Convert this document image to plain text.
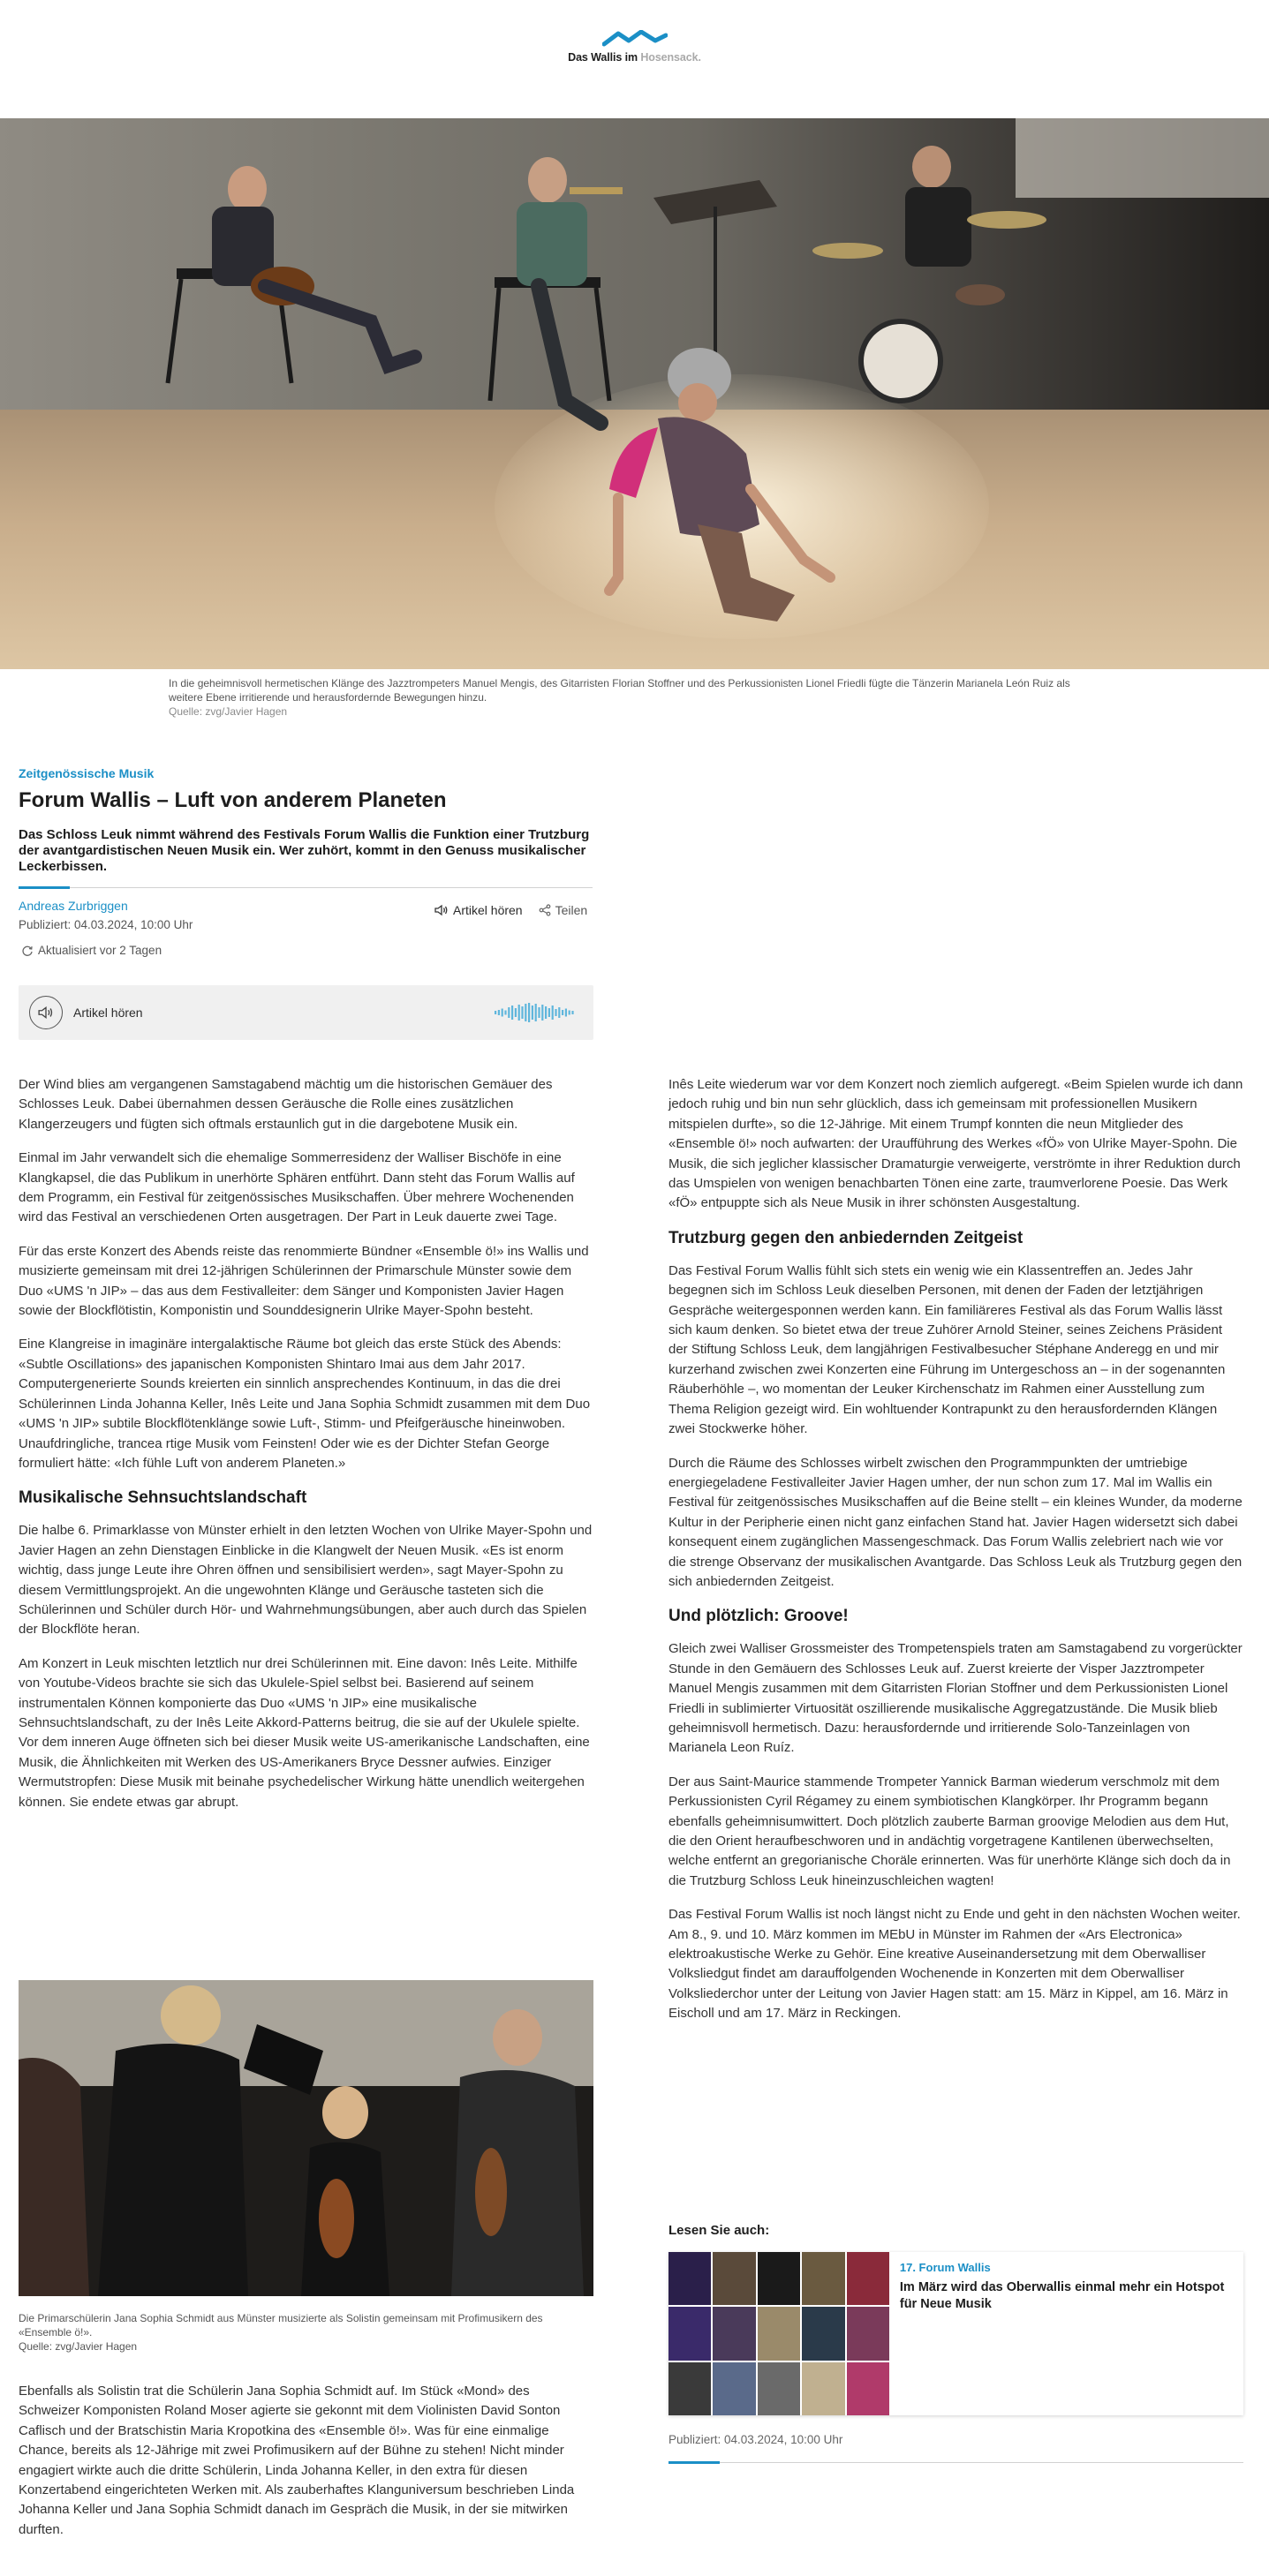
Das Wallis im Hosensack.
In die geheimnisvoll hermetischen Klänge des Jazztrompeters Manuel Mengis, des Gitarristen Florian Stoffner und des Perkussionisten Lionel Friedli fügte die Tänzerin Marianela León Ruiz als weitere Ebene irritierende und herausfordernde Bewegungen hinzu.
Quelle: zvg/Javier Hagen
Zeitgenössische Musik
Forum Wallis – Luft von anderem Planeten
Das Schloss Leuk nimmt während des Festivals Forum Wallis die Funktion einer Trutzburg der avantgardistischen Neuen Musik ein. Wer zuhört, kommt in den Genuss musikalischer Leckerbissen.
Andreas Zurbriggen
Publiziert: 04.03.2024, 10:00 Uhr
Aktualisiert vor 2 Tagen
Artikel hören	Teilen
Artikel hören

Der Wind blies am vergangenen Samstagabend mächtig um die historischen Gemäuer des Schlosses Leuk. Dabei übernahmen dessen Geräusche die Rolle eines zusätzlichen Klangerzeugers und fügten sich oftmals erstaunlich gut in die dargebotene Musik ein.

Einmal im Jahr verwandelt sich die ehemalige Sommerresidenz der Walliser Bischöfe in eine Klangkapsel, die das Publikum in unerhörte Sphären entführt. Dann steht das Forum Wallis auf dem Programm, ein Festival für zeitgenössisches Musikschaffen. Über mehrere Wochenenden wird das Festival an verschiedenen Orten ausgetragen. Der Part in Leuk dauerte zwei Tage.

Für das erste Konzert des Abends reiste das renommierte Bündner «Ensemble ö!» ins Wallis und musizierte gemeinsam mit drei 12-jährigen Schülerinnen der Primarschule Münster sowie dem Duo «UMS 'n JIP» – das aus dem Festivalleiter: dem Sänger und Komponisten Javier Hagen sowie der Blockflötistin, Komponistin und Sounddesignerin Ulrike Mayer-Spohn besteht.

Eine Klangreise in imaginäre intergalaktische Räume bot gleich das erste Stück des Abends: «Subtle Oscillations» des japanischen Komponisten Shintaro Imai aus dem Jahr 2017. Computergenerierte Sounds kreierten ein sinnlich ansprechendes Kontinuum, in das die drei Schülerinnen Linda Johanna Keller, Inês Leite und Jana Sophia Schmidt zusammen mit dem Duo «UMS 'n JIP» subtile Blockflötenklänge sowie Luft-, Stimm- und Pfeifgeräusche hineinwoben. Unaufdringliche, trancea rtige Musik vom Feinsten! Oder wie es der Dichter Stefan George formuliert hätte: «Ich fühle Luft von anderem Planeten.»

Musikalische Sehnsuchtslandschaft

Die halbe 6. Primarklasse von Münster erhielt in den letzten Wochen von Ulrike Mayer-Spohn und Javier Hagen an zehn Dienstagen Einblicke in die Klangwelt der Neuen Musik. «Es ist enorm wichtig, dass junge Leute ihre Ohren öffnen und sensibilisiert werden», sagt Mayer-Spohn zu diesem Vermittlungsprojekt. An die ungewohnten Klänge und Geräusche tasteten sich die Schülerinnen und Schüler durch Hör- und Wahrnehmungsübungen, aber auch durch das Spielen der Blockflöte heran.

Am Konzert in Leuk mischten letztlich nur drei Schülerinnen mit. Eine davon: Inês Leite. Mithilfe von Youtube-Videos brachte sie sich das Ukulele-Spiel selbst bei. Basierend auf seinem instrumentalen Können komponierte das Duo «UMS 'n JIP» eine musikalische Sehnsuchtslandschaft, zu der Inês Leite Akkord-Patterns beitrug, die sie auf der Ukulele spielte. Vor dem inneren Auge öffneten sich bei dieser Musik weite US-amerikanische Landschaften, eine Musik, die Ähnlichkeiten mit Werken des US-Amerikaners Bryce Dessner aufwies. Einziger Wermutstropfen: Diese Musik mit beinahe psychedelischer Wirkung hätte unendlich weitergehen können. Sie endete etwas gar abrupt.

Die Primarschülerin Jana Sophia Schmidt aus Münster musizierte als Solistin gemeinsam mit Profimusikern des «Ensemble ö!».
Quelle: zvg/Javier Hagen

Ebenfalls als Solistin trat die Schülerin Jana Sophia Schmidt auf. Im Stück «Mond» des Schweizer Komponisten Roland Moser agierte sie gekonnt mit dem Violinisten David Sonton Caflisch und der Bratschistin Maria Kropotkina des «Ensemble ö!». Was für eine einmalige Chance, bereits als 12-Jährige mit zwei Profimusikern auf der Bühne zu stehen! Nicht minder engagiert wirkte auch die dritte Schülerin, Linda Johanna Keller, in den extra für diesen Konzertabend eingerichteten Werken mit. Als zauberhaftes Klanguniversum beschrieben Linda Johanna Keller und Jana Sophia Schmidt danach im Gespräch die Musik, in der sie mitwirken durften.

Inês Leite wiederum war vor dem Konzert noch ziemlich aufgeregt. «Beim Spielen wurde ich dann jedoch ruhig und bin nun sehr glücklich, dass ich gemeinsam mit professionellen Musikern mitspielen durfte», so die 12-Jährige. Mit einem Trumpf konnten die neun Mitglieder des «Ensemble ö!» noch aufwarten: der Uraufführung des Werkes «fÖ» von Ulrike Mayer-Spohn. Die Musik, die sich jeglicher klassischer Dramaturgie verweigerte, verströmte in ihrer Reduktion durch das Umspielen von wenigen benachbarten Tönen eine zarte, traumverlorene Poesie. Das Werk «fÖ» entpuppte sich als Neue Musik in ihrer schönsten Ausgestaltung.

Trutzburg gegen den anbiedernden Zeitgeist

Das Festival Forum Wallis fühlt sich stets ein wenig wie ein Klassentreffen an. Jedes Jahr begegnen sich im Schloss Leuk dieselben Personen, mit denen der Faden der letztjährigen Gespräche weitergesponnen werden kann. Ein familiäreres Festival als das Forum Wallis lässt sich kaum denken. So bietet etwa der treue Zuhörer Arnold Steiner, seines Zeichens Präsident der Stiftung Schloss Leuk, dem langjährigen Festivalbesucher Stéphane Anderegg en und mir kurzerhand zwischen zwei Konzerten eine Führung im Untergeschoss an – in der sogenannten Räuberhöhle –, wo momentan der Leuker Kirchenschatz im Rahmen einer Ausstellung zum Thema Religion gezeigt wird. Ein wohltuender Kontrapunkt zu den herausfordernden Klängen zwei Stockwerke höher.

Durch die Räume des Schlosses wirbelt zwischen den Programmpunkten der umtriebige energiegeladene Festivalleiter Javier Hagen umher, der nun schon zum 17. Mal im Wallis ein Festival für zeitgenössisches Musikschaffen auf die Beine stellt – ein kleines Wunder, da moderne Kultur in der Peripherie einen nicht ganz einfachen Stand hat. Javier Hagen widersetzt sich dabei konsequent einem zugänglichen Massengeschmack. Das Forum Wallis zelebriert nach wie vor die strenge Observanz der musikalischen Avantgarde. Das Schloss Leuk als Trutzburg gegen den sich anbiedernden Zeitgeist.

Und plötzlich: Groove!

Gleich zwei Walliser Grossmeister des Trompetenspiels traten am Samstagabend zu vorgerückter Stunde in den Gemäuern des Schlosses Leuk auf. Zuerst kreierte der Visper Jazztrompeter Manuel Mengis zusammen mit dem Gitarristen Florian Stoffner und dem Perkussionisten Lionel Friedli in sublimierter Virtuosität oszillierende musikalische Aggregatzustände. Die Musik blieb geheimnisvoll hermetisch. Dazu: herausfordernde und irritierende Solo-Tanzeinlagen von Marianela Leon Ruíz.

Der aus Saint-Maurice stammende Trompeter Yannick Barman wiederum verschmolz mit dem Perkussionisten Cyril Régamey zu einem symbiotischen Klangkörper. Ihr Programm begann ebenfalls geheimnisumwittert. Doch plötzlich zauberte Barman groovige Melodien aus dem Hut, die den Orient heraufbeschworen und in andächtig vorgetragene Kantilenen überwechselten, welche entfernt an gregorianische Choräle erinnerten. Was für unerhörte Klänge sich doch da in die Trutzburg Schloss Leuk hineinzuschleichen wagten!

Das Festival Forum Wallis ist noch längst nicht zu Ende und geht in den nächsten Wochen weiter. Am 8., 9. und 10. März kommen im MEbU in Münster im Rahmen der «Ars Electronica» elektroakustische Werke zu Gehör. Eine kreative Auseinandersetzung mit dem Oberwalliser Volksliedgut findet am darauffolgenden Wochenende in Konzerten mit dem Oberwalliser Volksliederchor unter der Leitung von Javier Hagen statt: am 15. März in Kippel, am 16. März in Eischoll und am 17. März in Reckingen.

Lesen Sie auch:
17. Forum Wallis
Im März wird das Oberwallis einmal mehr ein Hotspot für Neue Musik
Publiziert: 04.03.2024, 10:00 Uhr
